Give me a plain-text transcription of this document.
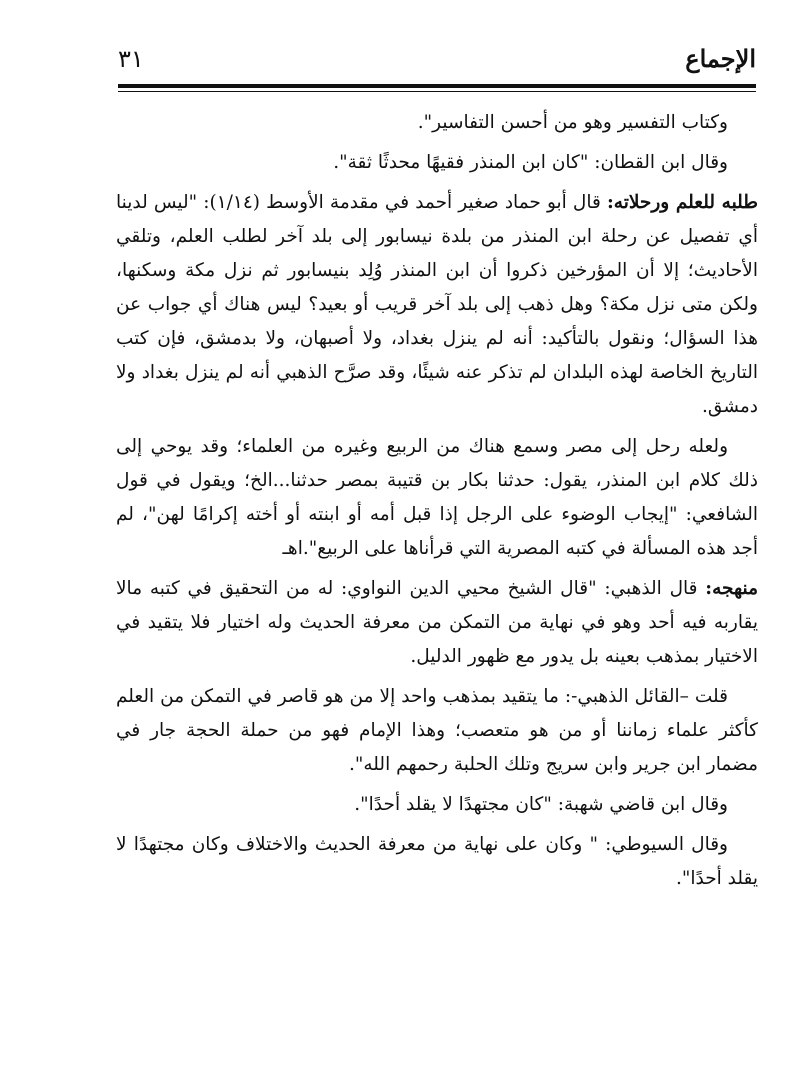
الإجماع
٣١

وكتاب التفسير وهو من أحسن التفاسير".

وقال ابن القطان: "كان ابن المنذر فقيهًا محدثًا ثقة".

طلبه للعلم ورحلاته: قال أبو حماد صغير أحمد في مقدمة الأوسط (١/١٤): "ليس لدينا أي تفصيل عن رحلة ابن المنذر من بلدة نيسابور إلى بلد آخر لطلب العلم، وتلقي الأحاديث؛ إلا أن المؤرخين ذكروا أن ابن المنذر وُلِد بنيسابور ثم نزل مكة وسكنها، ولكن متى نزل مكة؟ وهل ذهب إلى بلد آخر قريب أو بعيد؟ ليس هناك أي جواب عن هذا السؤال؛ ونقول بالتأكيد: أنه لم ينزل بغداد، ولا أصبهان، ولا بدمشق، فإن كتب التاريخ الخاصة لهذه البلدان لم تذكر عنه شيئًا، وقد صرَّح الذهبي أنه لم ينزل بغداد ولا دمشق.

ولعله رحل إلى مصر وسمع هناك من الربيع وغيره من العلماء؛ وقد يوحي إلى ذلك كلام ابن المنذر، يقول: حدثنا بكار بن قتيبة بمصر حدثنا...الخ؛ ويقول في قول الشافعي: "إيجاب الوضوء على الرجل إذا قبل أمه أو ابنته أو أخته إكرامًا لهن"، لم أجد هذه المسألة في كتبه المصرية التي قرأناها على الربيع".اهـ

منهجه: قال الذهبي: "قال الشيخ محيي الدين النواوي: له من التحقيق في كتبه مالا يقاربه فيه أحد وهو في نهاية من التمكن من معرفة الحديث وله اختيار فلا يتقيد في الاختيار بمذهب بعينه بل يدور مع ظهور الدليل.

قلت –القائل الذهبي-: ما يتقيد بمذهب واحد إلا من هو قاصر في التمكن من العلم كأكثر علماء زماننا أو من هو متعصب؛ وهذا الإمام فهو من حملة الحجة جار في مضمار ابن جرير وابن سريج وتلك الحلبة رحمهم الله".

وقال ابن قاضي شهبة: "كان مجتهدًا لا يقلد أحدًا".

وقال السيوطي: " وكان على نهاية من معرفة الحديث والاختلاف وكان مجتهدًا لا يقلد أحدًا".
